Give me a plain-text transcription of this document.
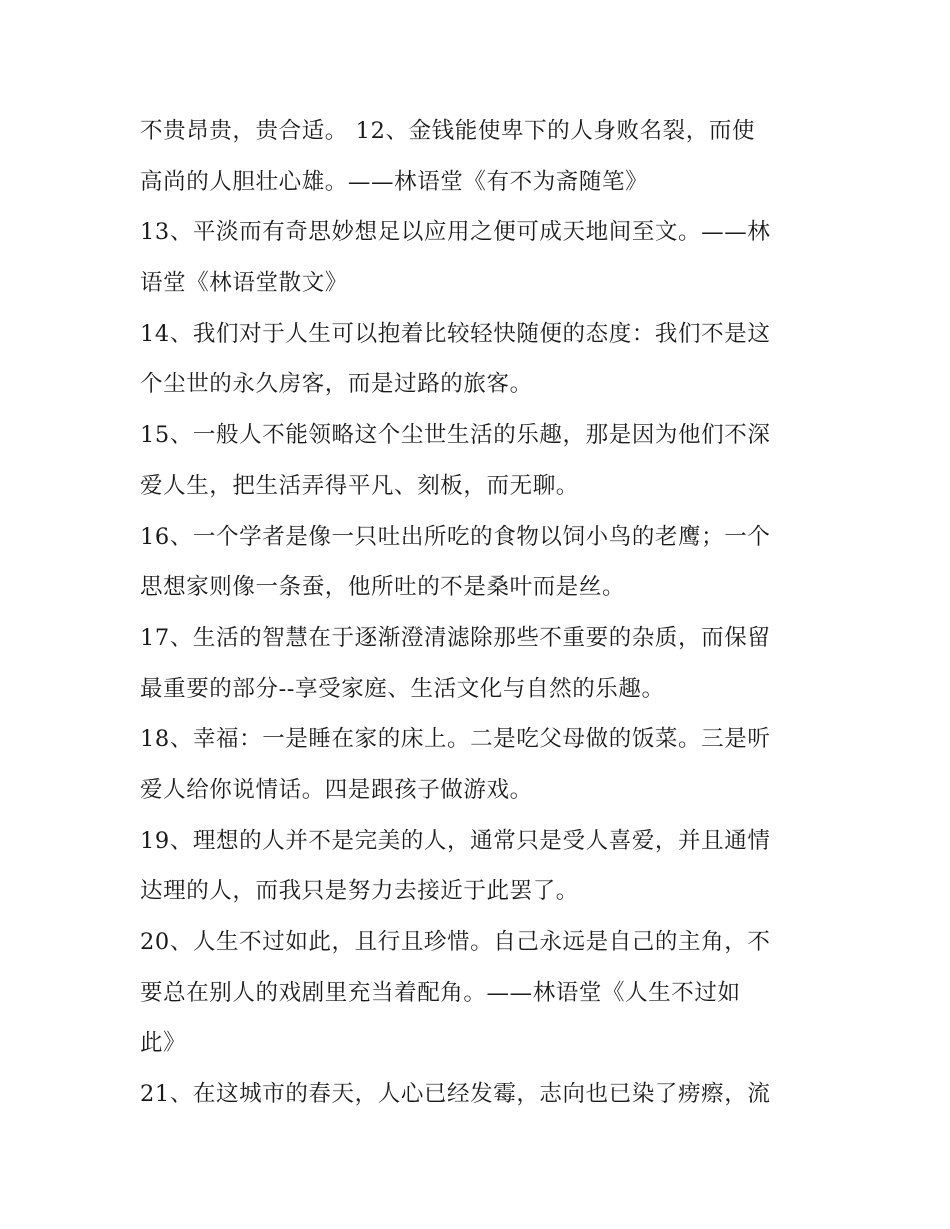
不贵昂贵，贵合适。 12、金钱能使卑下的人身败名裂，而使
高尚的人胆壮心雄。——林语堂《有不为斋随笔》
13、平淡而有奇思妙想足以应用之便可成天地间至文。——林
语堂《林语堂散文》
14、我们对于人生可以抱着比较轻快随便的态度：我们不是这
个尘世的永久房客，而是过路的旅客。
15、一般人不能领略这个尘世生活的乐趣，那是因为他们不深
爱人生，把生活弄得平凡、刻板，而无聊。
16、一个学者是像一只吐出所吃的食物以饲小鸟的老鹰；一个
思想家则像一条蚕，他所吐的不是桑叶而是丝。
17、生活的智慧在于逐渐澄清滤除那些不重要的杂质，而保留
最重要的部分--享受家庭、生活文化与自然的乐趣。
18、幸福：一是睡在家的床上。二是吃父母做的饭菜。三是听
爱人给你说情话。四是跟孩子做游戏。
19、理想的人并不是完美的人，通常只是受人喜爱，并且通情
达理的人，而我只是努力去接近于此罢了。
20、人生不过如此，且行且珍惜。自己永远是自己的主角，不
要总在别人的戏剧里充当着配角。——林语堂《人生不过如
此》
21、在这城市的春天，人心已经发霉，志向也已染了痨瘵，流
